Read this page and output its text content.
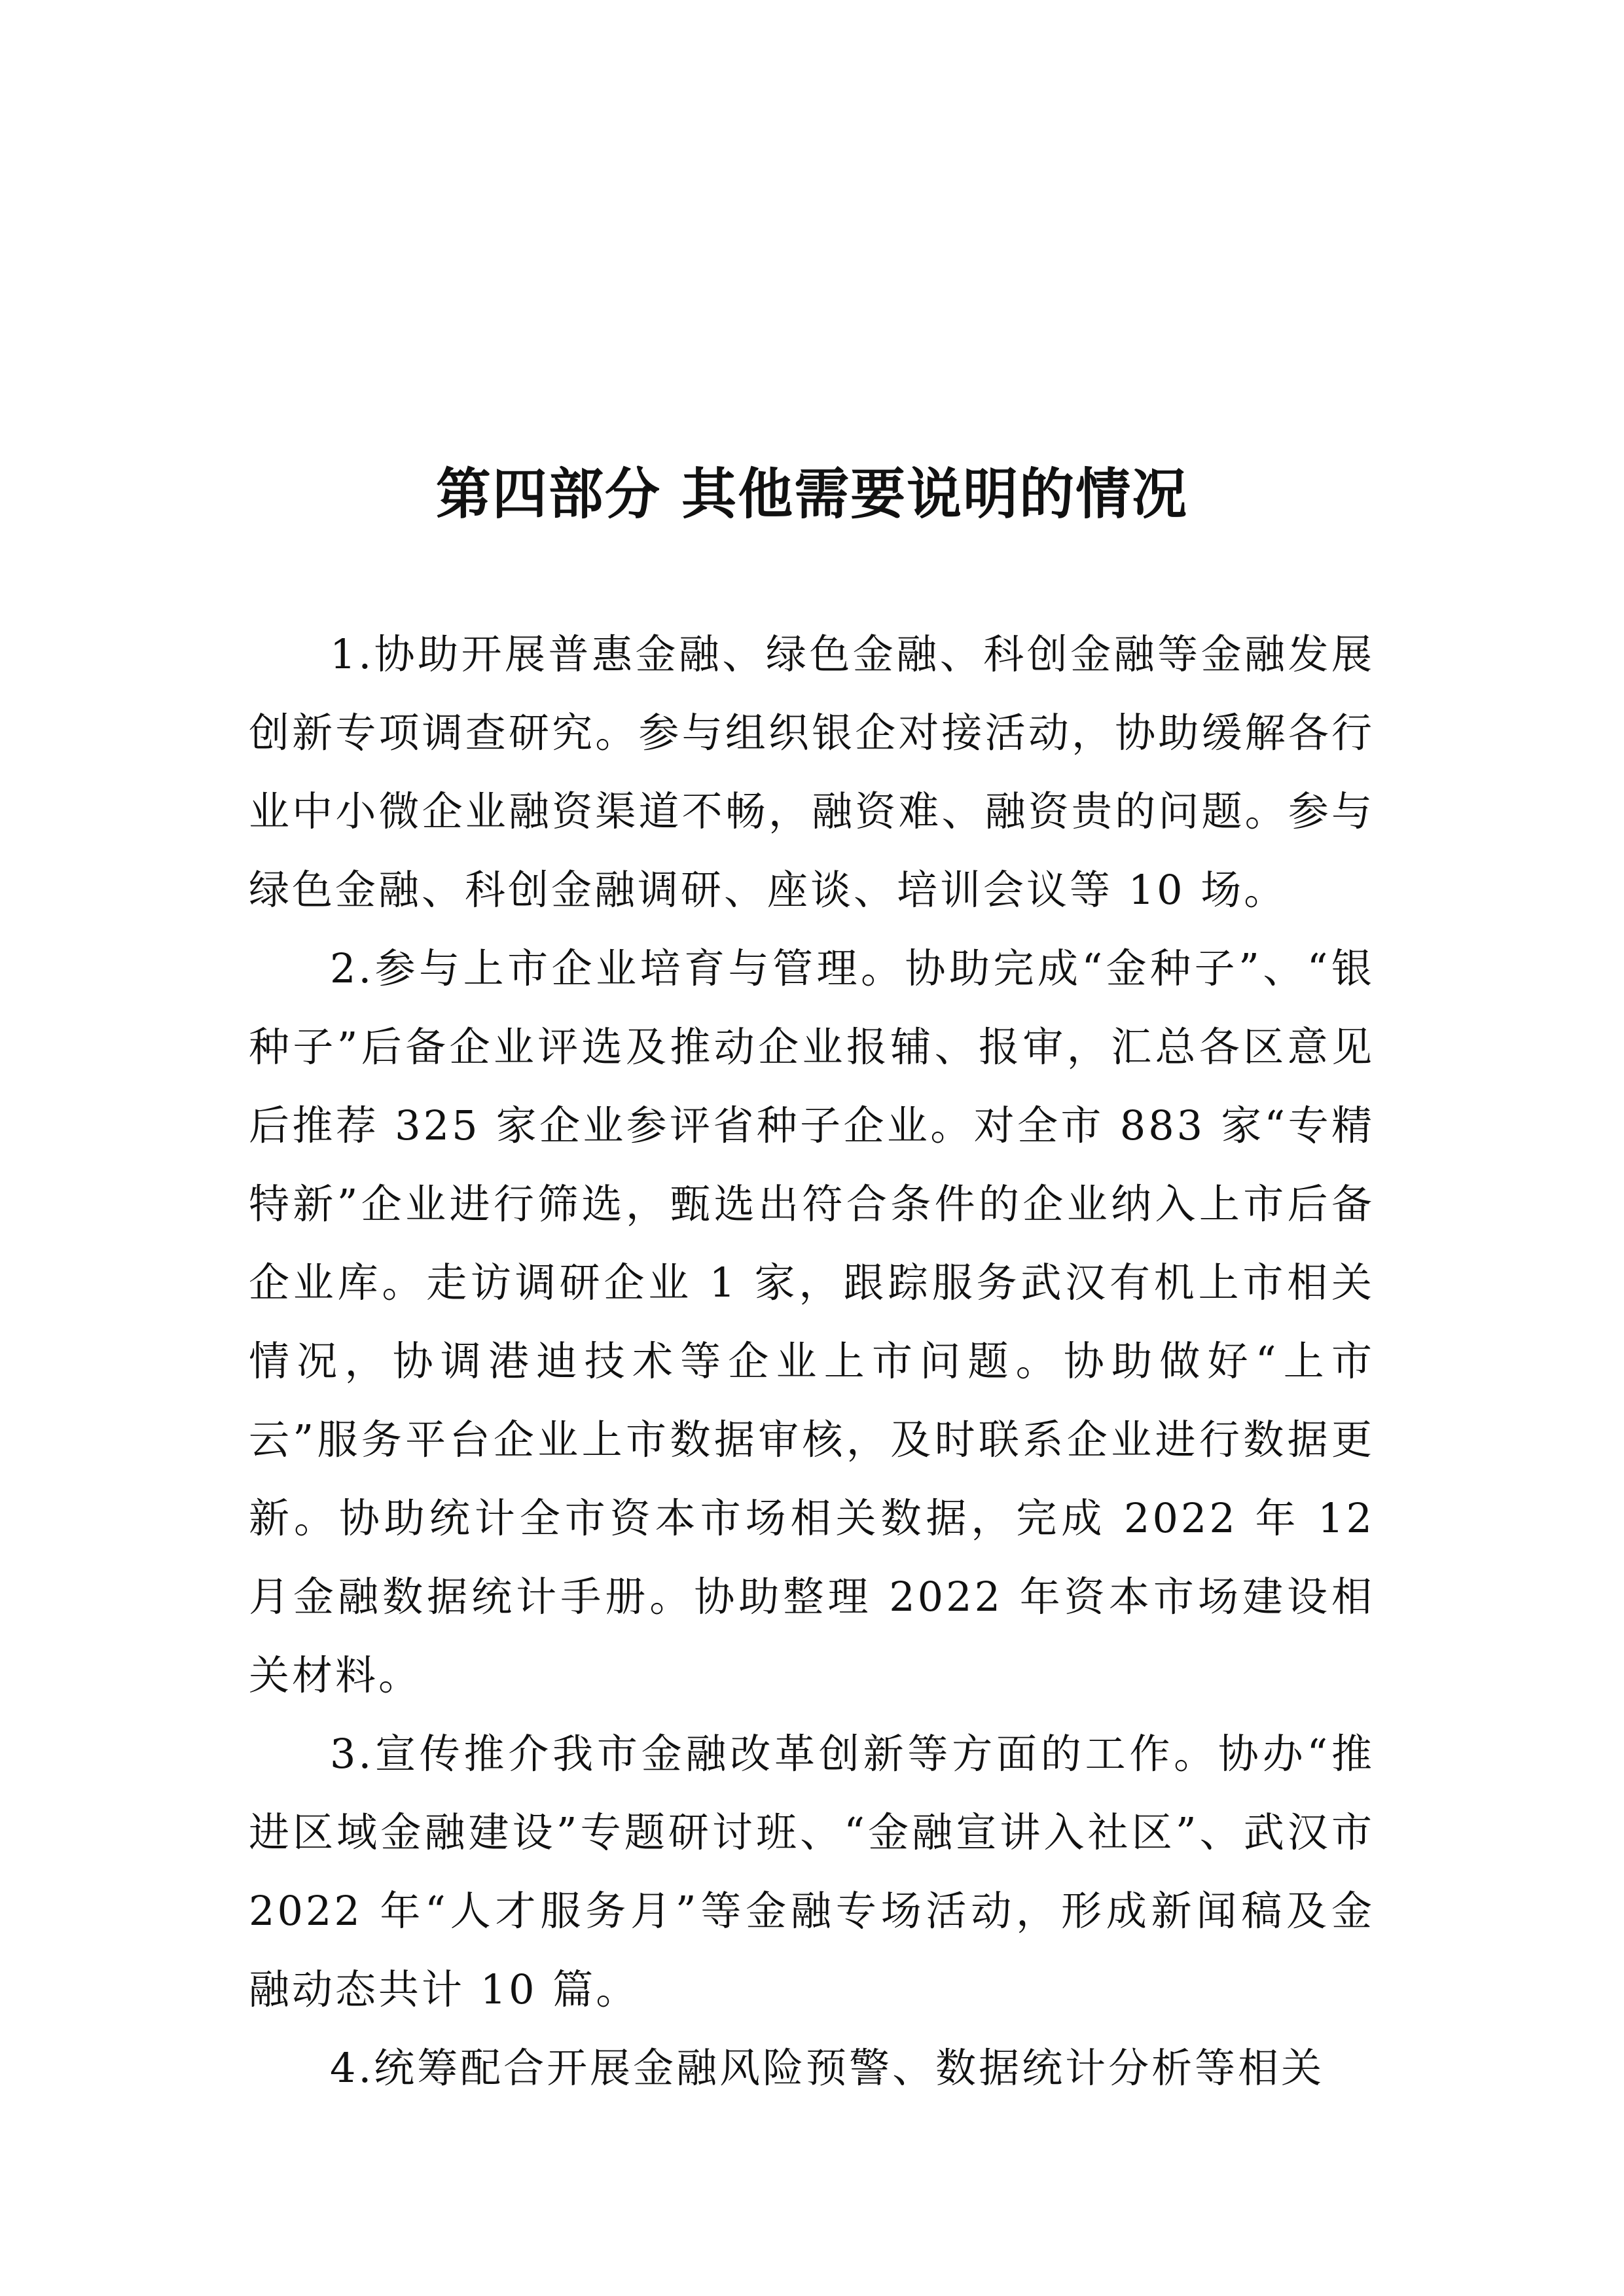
第四部分 其他需要说明的情况

1.协助开展普惠金融、绿色金融、科创金融等金融发展创新专项调查研究。参与组织银企对接活动，协助缓解各行业中小微企业融资渠道不畅，融资难、融资贵的问题。参与绿色金融、科创金融调研、座谈、培训会议等 10 场。

2.参与上市企业培育与管理。协助完成“金种子”、“银种子”后备企业评选及推动企业报辅、报审，汇总各区意见后推荐 325 家企业参评省种子企业。对全市 883 家“专精特新”企业进行筛选，甄选出符合条件的企业纳入上市后备企业库。走访调研企业 1 家，跟踪服务武汉有机上市相关情况，协调港迪技术等企业上市问题。协助做好“上市云”服务平台企业上市数据审核，及时联系企业进行数据更新。协助统计全市资本市场相关数据，完成 2022 年 12 月金融数据统计手册。协助整理 2022 年资本市场建设相关材料。

3.宣传推介我市金融改革创新等方面的工作。协办“推进区域金融建设”专题研讨班、“金融宣讲入社区”、武汉市 2022 年“人才服务月”等金融专场活动，形成新闻稿及金融动态共计 10 篇。

4.统筹配合开展金融风险预警、数据统计分析等相关
